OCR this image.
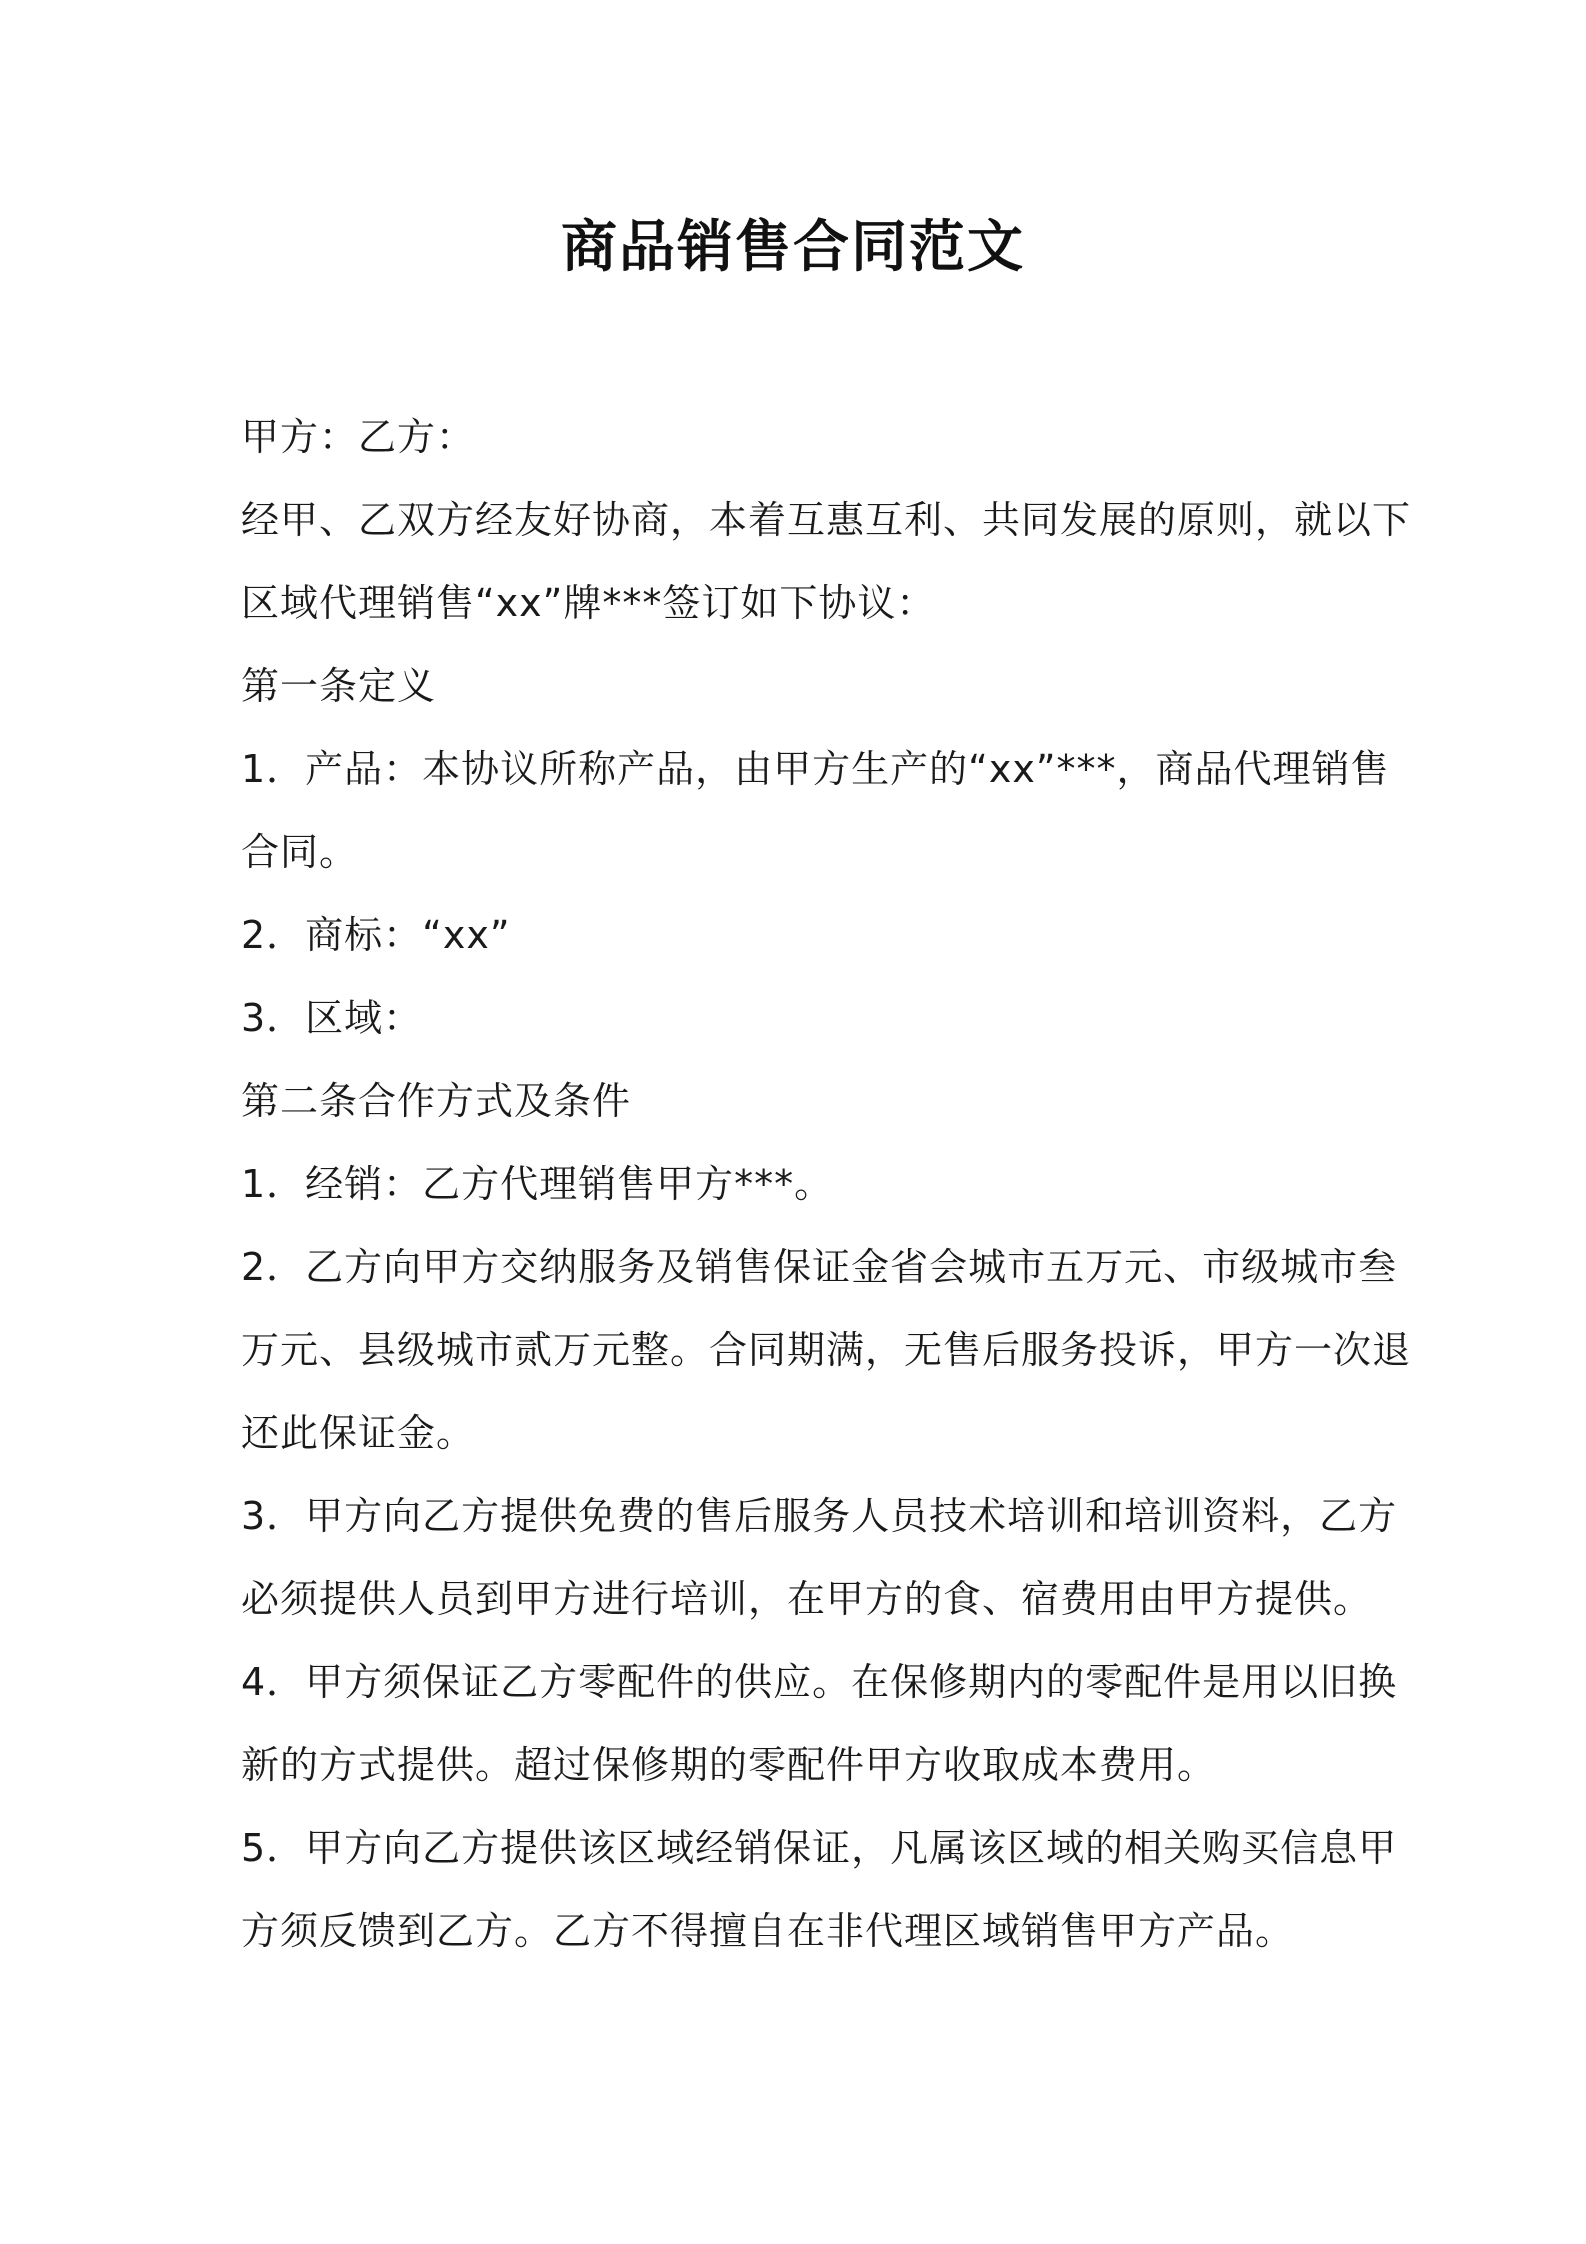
商品销售合同范文

甲方：乙方：

经甲、乙双方经友好协商，本着互惠互利、共同发展的原则，就以下

区域代理销售“xx”牌***签订如下协议：

第一条定义

1．产品：本协议所称产品，由甲方生产的“xx”***，商品代理销售

合同。

2．商标：“xx”

3．区域：

第二条合作方式及条件

1．经销：乙方代理销售甲方***。

2．乙方向甲方交纳服务及销售保证金省会城市五万元、市级城市叁

万元、县级城市贰万元整。合同期满，无售后服务投诉，甲方一次退

还此保证金。

3．甲方向乙方提供免费的售后服务人员技术培训和培训资料，乙方

必须提供人员到甲方进行培训，在甲方的食、宿费用由甲方提供。

4．甲方须保证乙方零配件的供应。在保修期内的零配件是用以旧换

新的方式提供。超过保修期的零配件甲方收取成本费用。

5．甲方向乙方提供该区域经销保证，凡属该区域的相关购买信息甲

方须反馈到乙方。乙方不得擅自在非代理区域销售甲方产品。
